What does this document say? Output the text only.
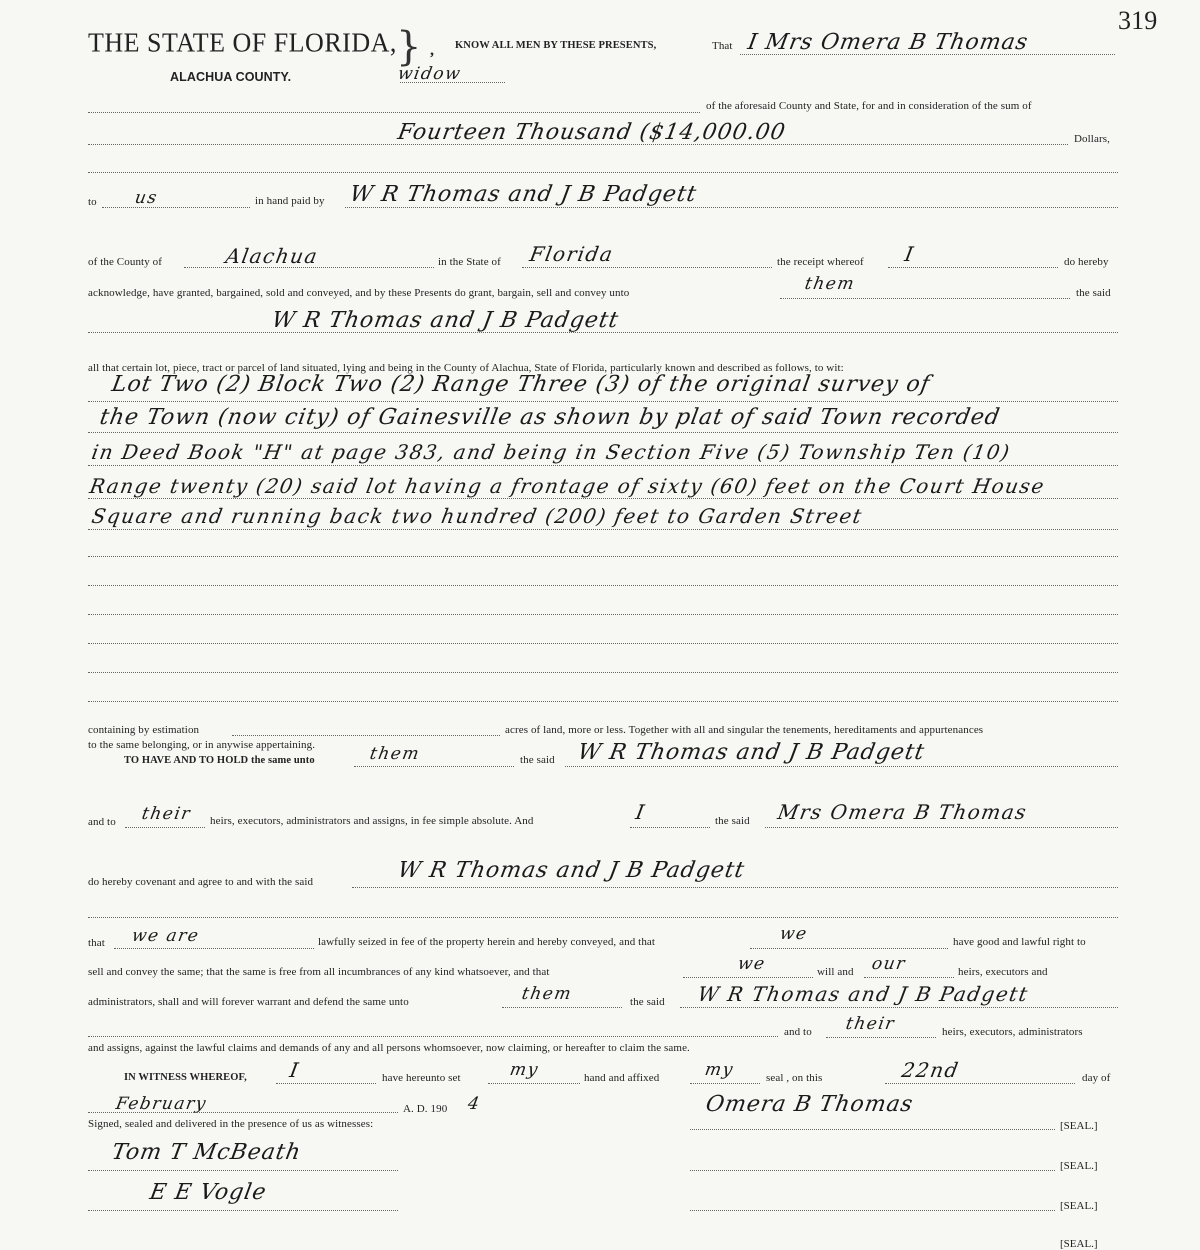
319
THE STATE OF FLORIDA, }
ALACHUA COUNTY.
, KNOW ALL MEN BY THESE PRESENTS,	That I Mrs Omera B Thomas
widow
of the aforesaid County and State, for and in consideration of the sum of
Fourteen Thousand ($14,000.00	Dollars,
to us	in hand paid by W R Thomas and J B Padgett
of the County of	Alachua	in the State of Florida	the receipt whereof I	do hereby
acknowledge, have granted, bargained, sold and conveyed, and by these Presents do grant, bargain, sell and convey unto	them	the said
W R Thomas and J B Padgett
all that certain lot, piece, tract or parcel of land situated, lying and being in the County of Alachua, State of Florida, particularly known and described as follows, to wit:
Lot Two (2) Block Two (2) Range Three (3) of the original survey of
the Town (now city) of Gainesville as shown by plat of said Town recorded
in Deed Book "H" at page 383, and being in Section Five (5) Township Ten (10)
Range twenty (20) said lot having a frontage of sixty (60) feet on the Court House
Square and running back two hundred (200) feet to Garden Street
containing by estimation	acres of land, more or less. Together with all and singular the tenements, hereditaments and appurtenances
to the same belonging, or in anywise appertaining.
TO HAVE AND TO HOLD the same unto	them	the said W R Thomas and J B Padgett
and to their heirs, executors, administrators and assigns, in fee simple absolute. And	I	the said Mrs Omera B Thomas
do hereby covenant and agree to and with the said	W R Thomas and J B Padgett
that we are	lawfully seized in fee of the property herein and hereby conveyed, and that	we	have good and lawful right to
sell and convey the same; that the same is free from all incumbrances of any kind whatsoever, and that	we	will and our	heirs, executors and
administrators, shall and will forever warrant and defend the same unto	them	the said W R Thomas and J B Padgett
and to their	heirs, executors, administrators
and assigns, against the lawful claims and demands of any and all persons whomsoever, now claiming, or hereafter to claim the same.
IN WITNESS WHEREOF, I	have hereunto set	my	hand and affixed	my	seal , on this	22nd	day of
February	A. D. 190 4	Omera B Thomas
[SEAL.]
Signed, sealed and delivered in the presence of us as witnesses:
Tom T McBeath
[SEAL.]
E E Vogle
[SEAL.]
[SEAL.]
